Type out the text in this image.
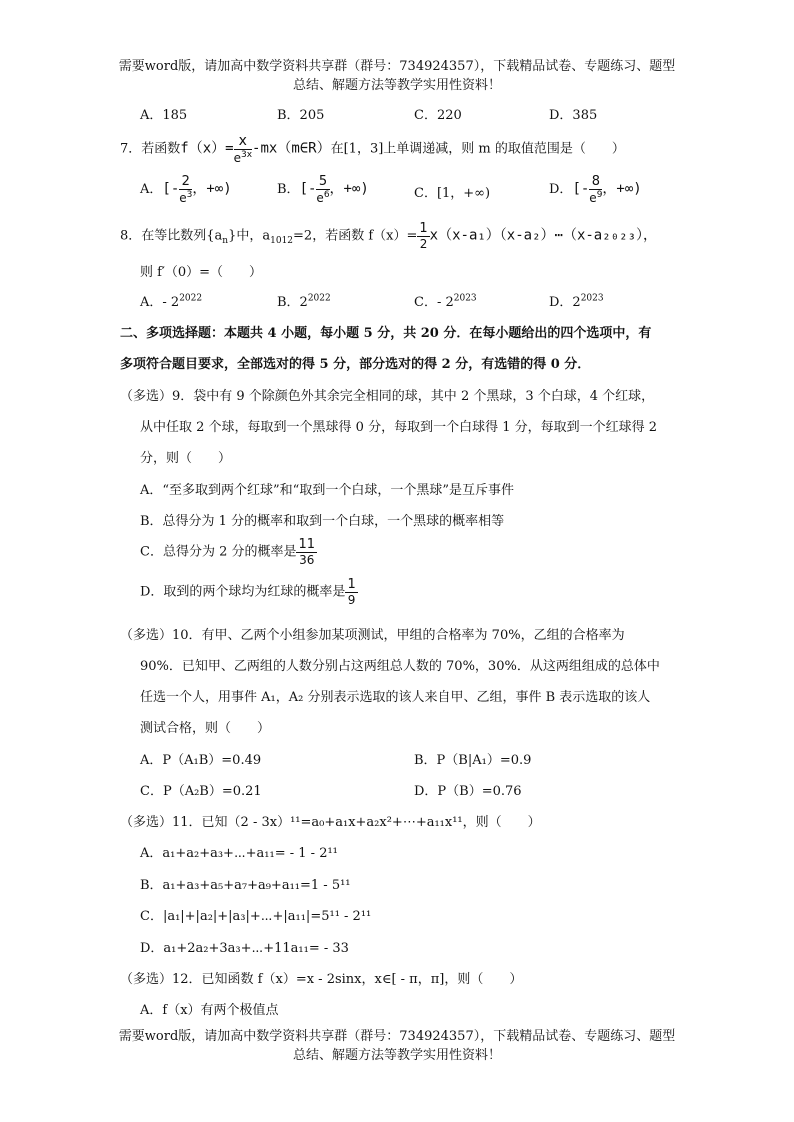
需要word版，请加高中数学资料共享群（群号：734924357），下载精品试卷、专题练习、题型
总结、解题方法等教学实用性资料！
A．185	B．205	C．220	D．385
7．若函数$f(x)= \frac{x}{e^{3x}}$ -mx（m∈R）在[1，3]上单调递减，则 m 的取值范围是（　　）
A．[- $\frac{2}{e^3}$ ，+∞)	B．[- $\frac{5}{e^6}$ ，+∞)	C．[1，+∞)	D．[- $\frac{8}{e^9}$ ，+∞)
8．在等比数列$\{a_n\}$中，$a_{1012}=2$，若函数 $f(x)= \frac{1}{2}$ x（x-a₁）（x-a₂）⋯（x-a₂₀₂₃），
则 f′（0）=（　　）
A．- $2^{2022}$	B．$2^{2022}$	C．- $2^{2023}$	D．$2^{2023}$
二、多项选择题：本题共 4 小题，每小题 5 分，共 20 分．在每小题给出的四个选项中，有
多项符合题目要求，全部选对的得 5 分，部分选对的得 2 分，有选错的得 0 分．
（多选）9．袋中有 9 个除颜色外其余完全相同的球，其中 2 个黑球，3 个白球，4 个红球，
从中任取 2 个球，每取到一个黑球得 0 分，每取到一个白球得 1 分，每取到一个红球得 2
分，则（　　）
A．“至多取到两个红球”和“取到一个白球，一个黑球”是互斥事件
B．总得分为 1 分的概率和取到一个白球，一个黑球的概率相等
C．总得分为 2 分的概率是 $\frac{11}{36}$
D．取到的两个球均为红球的概率是 $\frac{1}{9}$
（多选）10．有甲、乙两个小组参加某项测试，甲组的合格率为 70%，乙组的合格率为
90%．已知甲、乙两组的人数分别占这两组总人数的 70%，30%．从这两组组成的总体中
任选一个人，用事件 A₁，A₂ 分别表示选取的该人来自甲、乙组，事件 B 表示选取的该人
测试合格，则（　　）
A．P（A₁B）=0.49	B．P（B|A₁）=0.9
C．P（A₂B）=0.21	D．P（B）=0.76
（多选）11．已知（2 - 3x）¹¹=a₀+a₁x+a₂x²+⋯+a₁₁x¹¹，则（　　）
A．a₁+a₂+a₃+⋯+a₁₁= - 1 - 2¹¹
B．a₁+a₃+a₅+a₇+a₉+a₁₁=1 - 5¹¹
C．|a₁|+|a₂|+|a₃|+⋯+|a₁₁|=5¹¹ - 2¹¹
D．a₁+2a₂+3a₃+⋯+11a₁₁= - 33
（多选）12．已知函数 f（x）=x - 2sinx，x∈[ - π，π]，则（　　）
A．f（x）有两个极值点
需要word版，请加高中数学资料共享群（群号：734924357），下载精品试卷、专题练习、题型
总结、解题方法等教学实用性资料！
